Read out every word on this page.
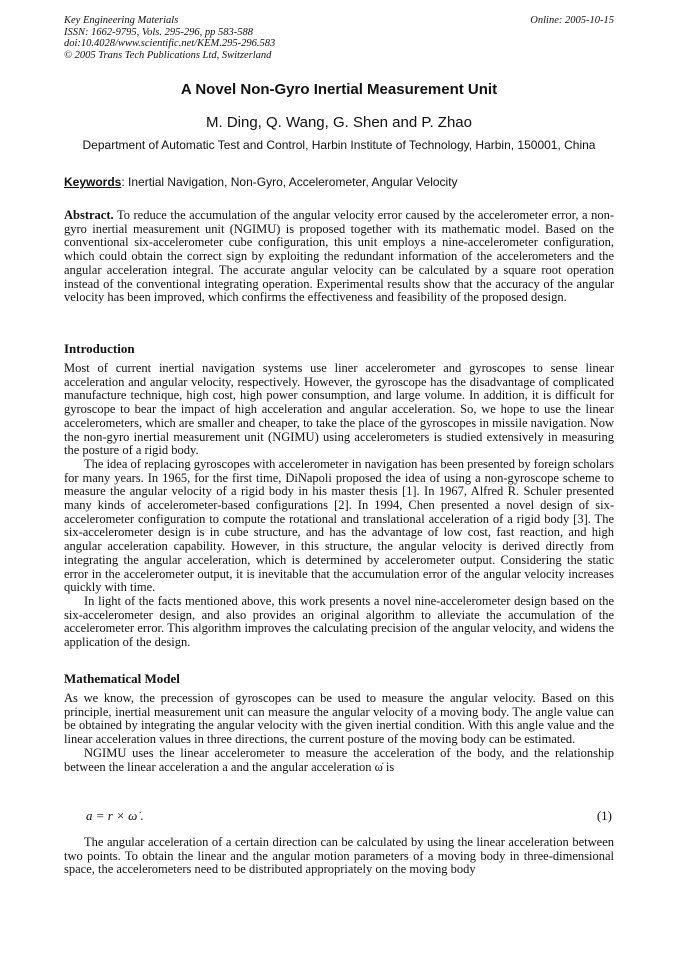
Key Engineering Materials
ISSN: 1662-9795, Vols. 295-296, pp 583-588
doi:10.4028/www.scientific.net/KEM.295-296.583
© 2005 Trans Tech Publications Ltd, Switzerland
Online: 2005-10-15
A Novel Non-Gyro Inertial Measurement Unit
M. Ding, Q. Wang, G. Shen and P. Zhao
Department of Automatic Test and Control, Harbin Institute of Technology, Harbin, 150001, China
Keywords: Inertial Navigation, Non-Gyro, Accelerometer, Angular Velocity

Abstract. To reduce the accumulation of the angular velocity error caused by the accelerometer error, a non-gyro inertial measurement unit (NGIMU) is proposed together with its mathematic model. Based on the conventional six-accelerometer cube configuration, this unit employs a nine-accelerometer configuration, which could obtain the correct sign by exploiting the redundant information of the accelerometers and the angular acceleration integral. The accurate angular velocity can be calculated by a square root operation instead of the conventional integrating operation. Experimental results show that the accuracy of the angular velocity has been improved, which confirms the effectiveness and feasibility of the proposed design.

Introduction

Most of current inertial navigation systems use liner accelerometer and gyroscopes to sense linear acceleration and angular velocity, respectively. However, the gyroscope has the disadvantage of complicated manufacture technique, high cost, high power consumption, and large volume. In addition, it is difficult for gyroscope to bear the impact of high acceleration and angular acceleration. So, we hope to use the linear accelerometers, which are smaller and cheaper, to take the place of the gyroscopes in missile navigation. Now the non-gyro inertial measurement unit (NGIMU) using accelerometers is studied extensively in measuring the posture of a rigid body.

The idea of replacing gyroscopes with accelerometer in navigation has been presented by foreign scholars for many years. In 1965, for the first time, DiNapoli proposed the idea of using a non-gyroscope scheme to measure the angular velocity of a rigid body in his master thesis [1]. In 1967, Alfred R. Schuler presented many kinds of accelerometer-based configurations [2]. In 1994, Chen presented a novel design of six-accelerometer configuration to compute the rotational and translational acceleration of a rigid body [3]. The six-accelerometer design is in cube structure, and has the advantage of low cost, fast reaction, and high angular acceleration capability. However, in this structure, the angular velocity is derived directly from integrating the angular acceleration, which is determined by accelerometer output. Considering the static error in the accelerometer output, it is inevitable that the accumulation error of the angular velocity increases quickly with time.

In light of the facts mentioned above, this work presents a novel nine-accelerometer design based on the six-accelerometer design, and also provides an original algorithm to alleviate the accumulation of the accelerometer error. This algorithm improves the calculating precision of the angular velocity, and widens the application of the design.

Mathematical Model

As we know, the precession of gyroscopes can be used to measure the angular velocity. Based on this principle, inertial measurement unit can measure the angular velocity of a moving body. The angle value can be obtained by integrating the angular velocity with the given inertial condition. With this angle value and the linear acceleration values in three directions, the current posture of the moving body can be estimated.

NGIMU uses the linear accelerometer to measure the acceleration of the body, and the relationship between the linear acceleration a and the angular acceleration ω̇ is

a = r × ω̇ .	(1)

The angular acceleration of a certain direction can be calculated by using the linear acceleration between two points. To obtain the linear and the angular motion parameters of a moving body in three-dimensional space, the accelerometers need to be distributed appropriately on the moving body
